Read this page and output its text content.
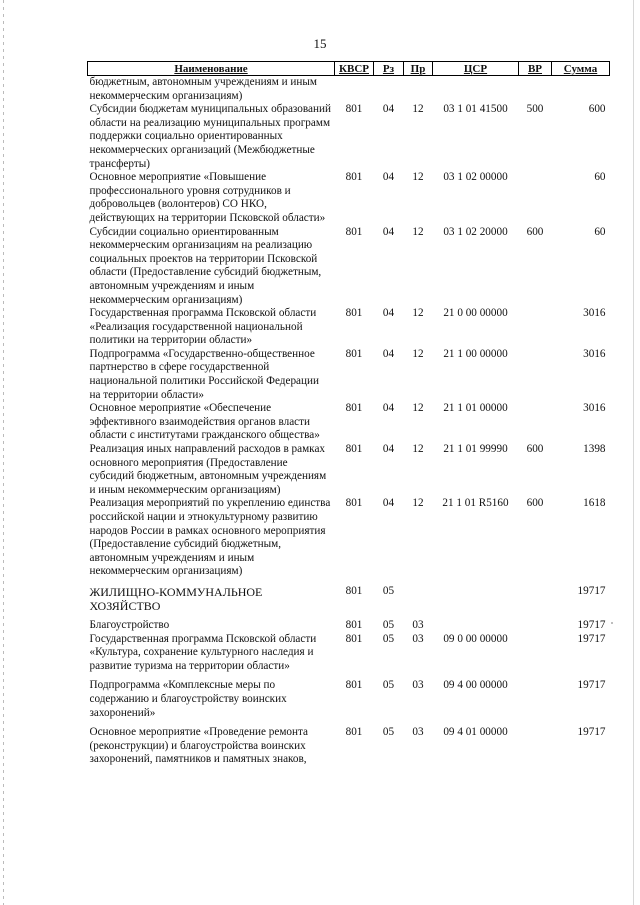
15
Наименование	КВСР	Рз	Пр	ЦСР	ВР	Сумма
бюджетным, автономным учреждениям и иным некоммерческим организациям)						
Субсидии бюджетам муниципальных образований области на реализацию муниципальных программ поддержки социально ориентированных некоммерческих организаций (Межбюджетные трансферты)	801	04	12	03 1 01 41500	500	600
Основное мероприятие «Повышение профессионального уровня сотрудников и добровольцев (волонтеров) СО НКО, действующих на территории Псковской области»	801	04	12	03 1 02 00000		60
Субсидии социально ориентированным некоммерческим организациям на реализацию социальных проектов на территории Псковской области (Предоставление субсидий бюджетным, автономным учреждениям и иным некоммерческим организациям)	801	04	12	03 1 02 20000	600	60
Государственная программа Псковской области «Реализация государственной национальной политики на территории области»	801	04	12	21 0 00 00000		3016
Подпрограмма «Государственно-общественное партнерство в сфере государственной национальной политики Российской Федерации на территории области»	801	04	12	21 1 00 00000		3016
Основное мероприятие «Обеспечение эффективного взаимодействия органов власти области с институтами гражданского общества»	801	04	12	21 1 01 00000		3016
Реализация иных направлений расходов в рамках основного мероприятия (Предоставление субсидий бюджетным, автономным учреждениям и иным некоммерческим организациям)	801	04	12	21 1 01 99990	600	1398
Реализация мероприятий по укреплению единства российской нации и этнокультурному развитию народов России в рамках основного мероприятия (Предоставление субсидий бюджетным, автономным учреждениям и иным некоммерческим организациям)	801	04	12	21 1 01 R5160	600	1618
ЖИЛИЩНО-КОММУНАЛЬНОЕ ХОЗЯЙСТВО	801	05				19717
Благоустройство	801	05	03			19717
Государственная программа Псковской области «Культура, сохранение культурного наследия и развитие туризма на территории области»	801	05	03	09 0 00 00000		19717
Подпрограмма «Комплексные меры по содержанию и благоустройству воинских захоронений»	801	05	03	09 4 00 00000		19717
Основное мероприятие «Проведение ремонта (реконструкции) и благоустройства воинских захоронений, памятников и памятных знаков,	801	05	03	09 4 01 00000		19717
